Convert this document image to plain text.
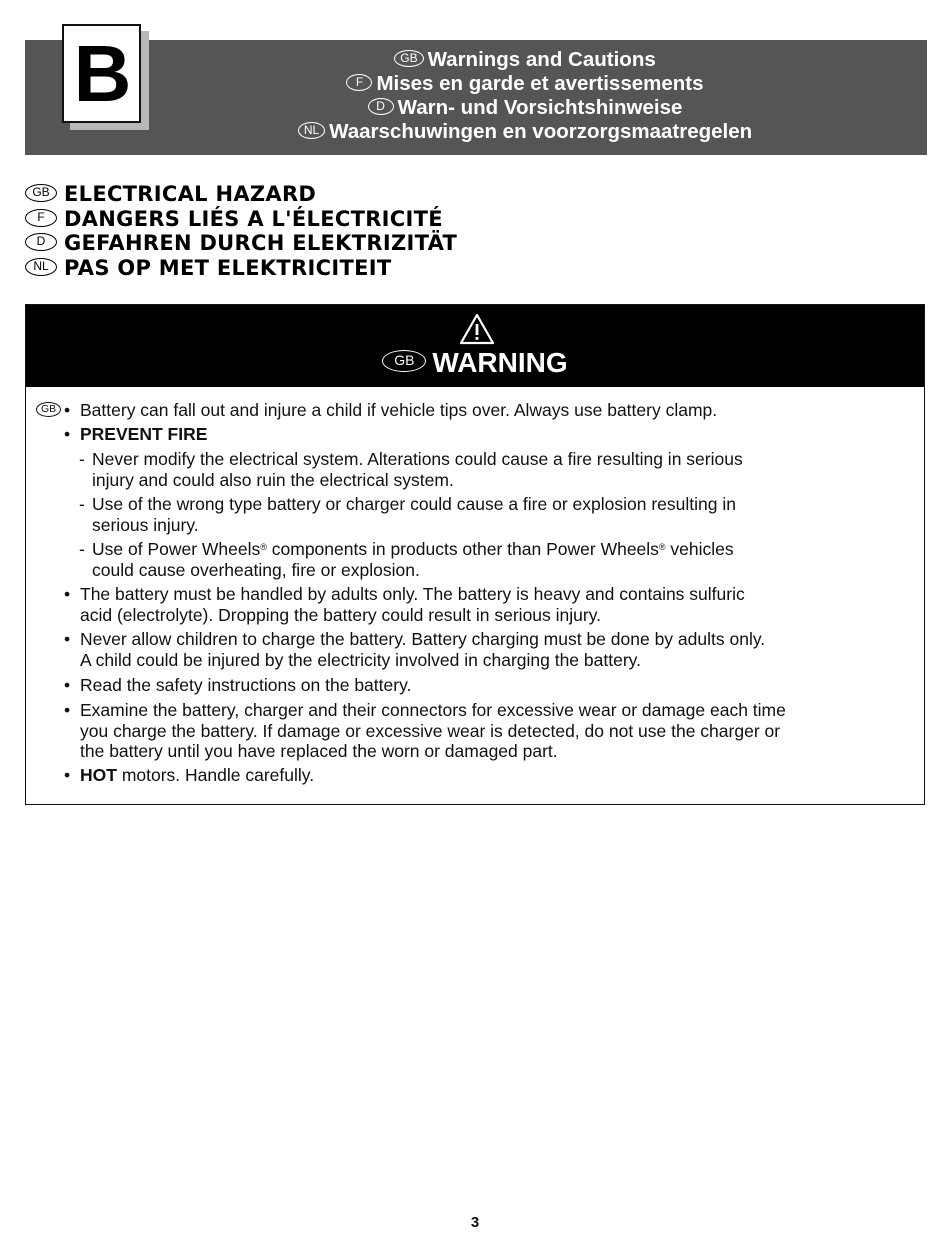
B	GB Warnings and Cautions
F Mises en garde et avertissements
D Warn- und Vorsichtshinweise
NL Waarschuwingen en voorzorgsmaatregelen
GB ELECTRICAL HAZARD
F DANGERS LIÉS A L'ÉLECTRICITÉ
D GEFAHREN DURCH ELEKTRIZITÄT
NL PAS OP MET ELEKTRICITEIT
GB WARNING
GB • Battery can fall out and injure a child if vehicle tips over. Always use battery clamp.
• PREVENT FIRE
- Never modify the electrical system. Alterations could cause a fire resulting in serious
injury and could also ruin the electrical system.
- Use of the wrong type battery or charger could cause a fire or explosion resulting in
serious injury.
- Use of Power Wheels® components in products other than Power Wheels® vehicles
could cause overheating, fire or explosion.
• The battery must be handled by adults only. The battery is heavy and contains sulfuric
acid (electrolyte). Dropping the battery could result in serious injury.
• Never allow children to charge the battery. Battery charging must be done by adults only.
A child could be injured by the electricity involved in charging the battery.
• Read the safety instructions on the battery.
• Examine the battery, charger and their connectors for excessive wear or damage each time
you charge the battery. If damage or excessive wear is detected, do not use the charger or
the battery until you have replaced the worn or damaged part.
• HOT motors. Handle carefully.
3
